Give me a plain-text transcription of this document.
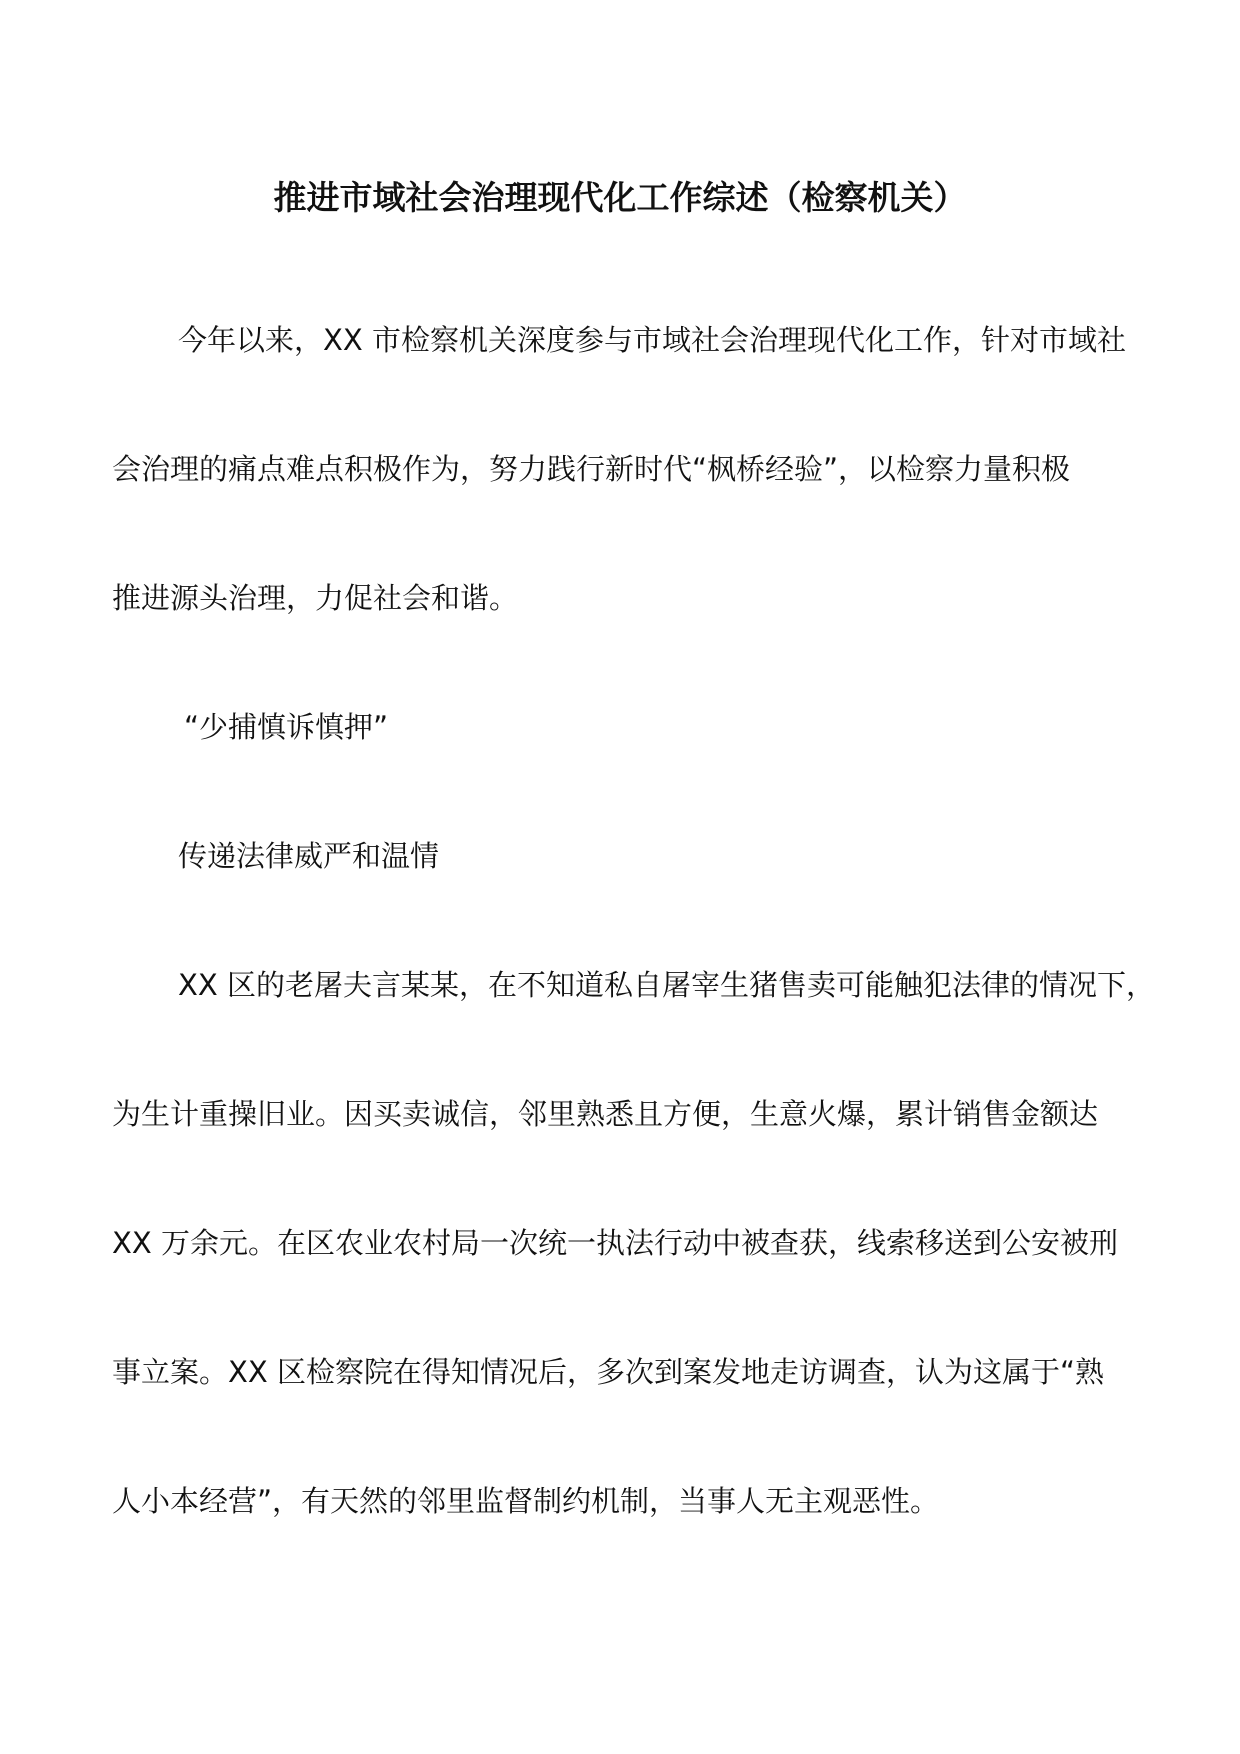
推进市域社会治理现代化工作综述（检察机关）
今年以来，XX 市检察机关深度参与市域社会治理现代化工作，针对市域社
会治理的痛点难点积极作为，努力践行新时代“枫桥经验”，以检察力量积极
推进源头治理，力促社会和谐。
“少捕慎诉慎押”
传递法律威严和温情
XX 区的老屠夫言某某，在不知道私自屠宰生猪售卖可能触犯法律的情况下，
为生计重操旧业。因买卖诚信，邻里熟悉且方便，生意火爆，累计销售金额达
XX 万余元。在区农业农村局一次统一执法行动中被查获，线索移送到公安被刑
事立案。XX 区检察院在得知情况后，多次到案发地走访调查，认为这属于“熟
人小本经营”，有天然的邻里监督制约机制，当事人无主观恶性。
